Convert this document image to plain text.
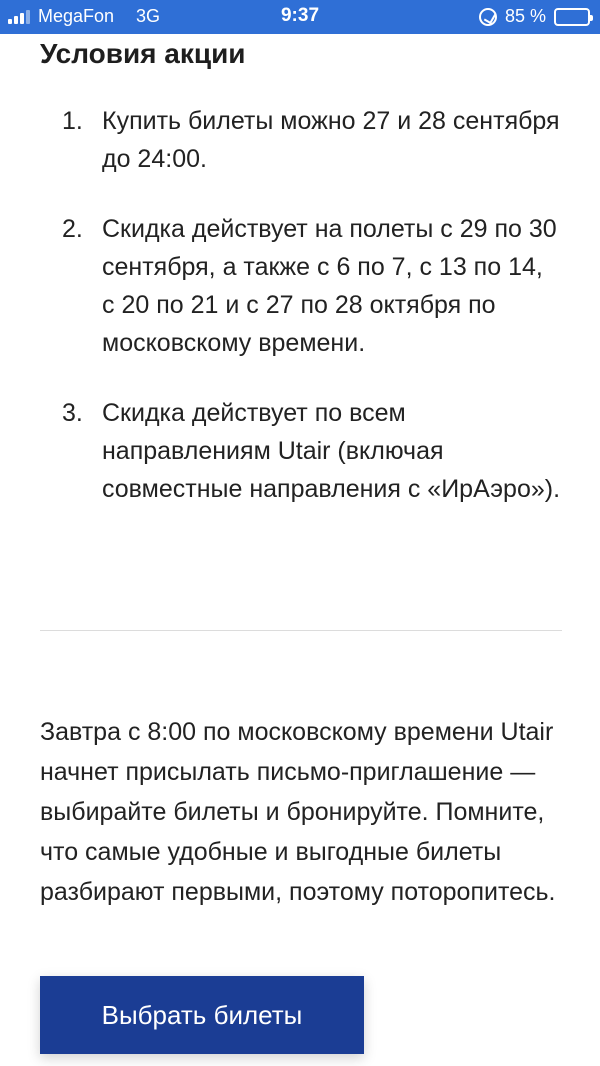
MegaFon 3G	9:37	85 %
Условия акции
1. Купить билеты можно 27 и 28 сентября до 24:00.
2. Скидка действует на полеты с 29 по 30 сентября, а также с 6 по 7, с 13 по 14, с 20 по 21 и с 27 по 28 октября по московскому времени.
3. Скидка действует по всем направлениям Utair (включая совместные направления с «ИрАэро»).

Завтра с 8:00 по московскому времени Utair начнет присылать письмо-приглашение — выбирайте билеты и бронируйте. Помните, что самые удобные и выгодные билеты разбирают первыми, поэтому поторопитесь.

Выбрать билеты
